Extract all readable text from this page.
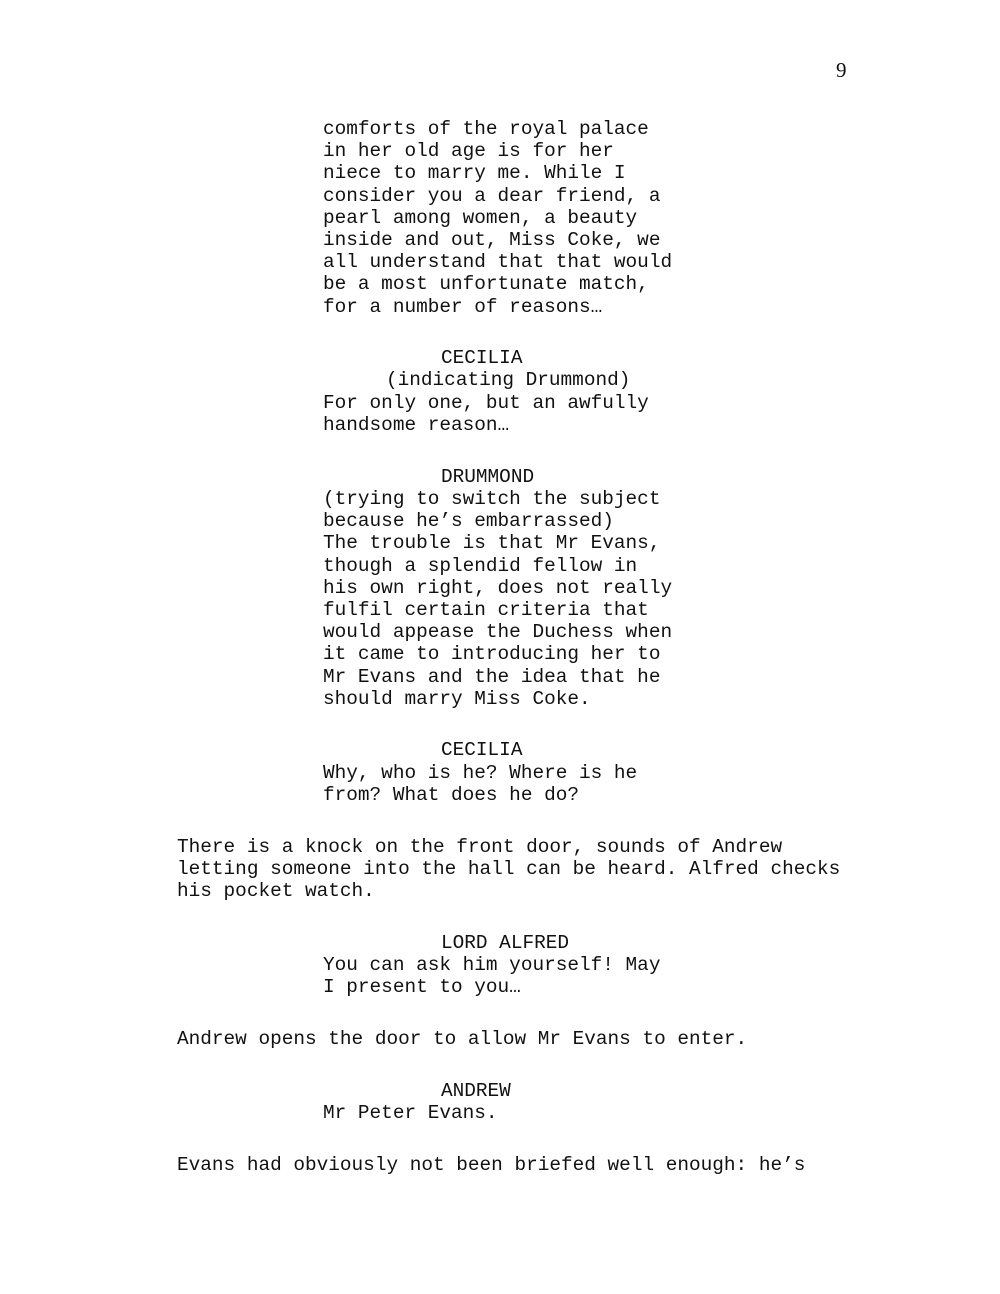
9

comforts of the royal palace
in her old age is for her
niece to marry me. While I
consider you a dear friend, a
pearl among women, a beauty
inside and out, Miss Coke, we
all understand that that would
be a most unfortunate match,
for a number of reasons…

CECILIA

(indicating Drummond)

For only one, but an awfully
handsome reason…

DRUMMOND

(trying to switch the subject
because he’s embarrassed)
The trouble is that Mr Evans,
though a splendid fellow in
his own right, does not really
fulfil certain criteria that
would appease the Duchess when
it came to introducing her to
Mr Evans and the idea that he
should marry Miss Coke.

CECILIA

Why, who is he? Where is he
from? What does he do?

There is a knock on the front door, sounds of Andrew
letting someone into the hall can be heard. Alfred checks
his pocket watch.

LORD ALFRED

You can ask him yourself! May
I present to you…

Andrew opens the door to allow Mr Evans to enter.

ANDREW

Mr Peter Evans.

Evans had obviously not been briefed well enough: he’s
